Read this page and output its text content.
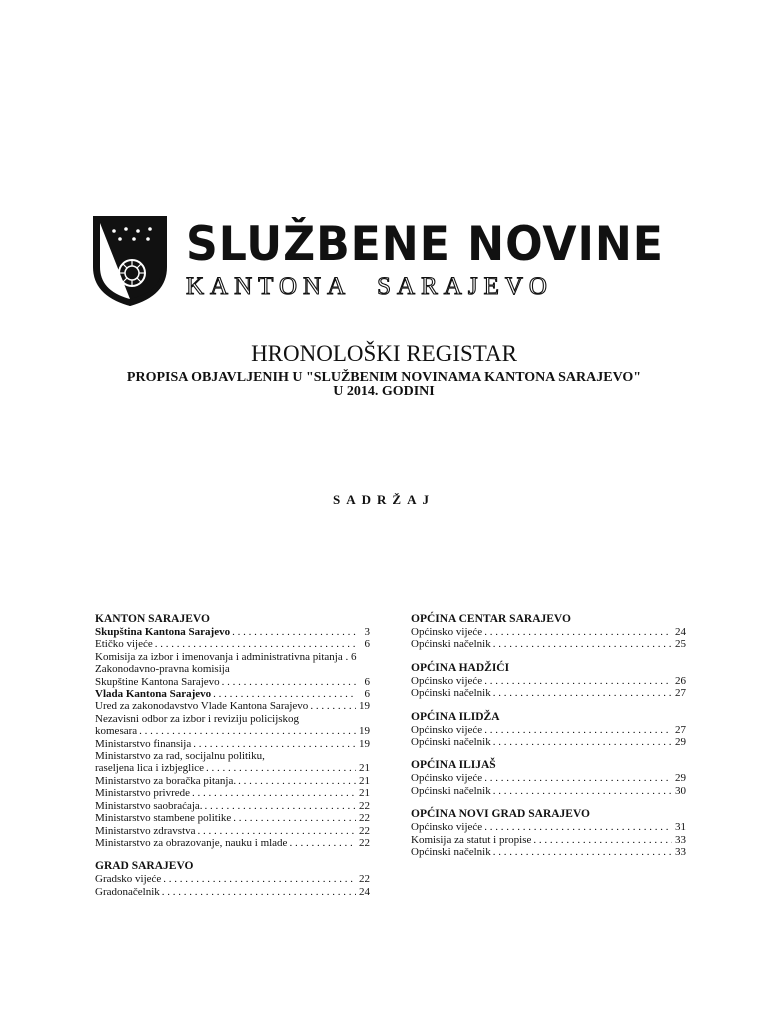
SLUŽBENE NOVINE
KANTONA SARAJEVO
HRONOLOŠKI REGISTAR
PROPISA OBJAVLJENIH U "SLUŽBENIM NOVINAMA KANTONA SARAJEVO"
U 2014. GODINI
SADRŽAJ
KANTON SARAJEVO
Skupština Kantona Sarajevo . . .	3
Etičko vijeće . . .	6
Komisija za izbor i imenovanja i administrativna pitanja . 6
Zakonodavno-pravna komisija
Skupštine Kantona Sarajevo . . .	6
Vlada Kantona Sarajevo . . .	6
Ured za zakonodavstvo Vlade Kantona Sarajevo . . .	19
Nezavisni odbor za izbor i reviziju policijskog
komesara . . .	19
Ministarstvo finansija . . .	19
Ministarstvo za rad, socijalnu politiku,
raseljena lica i izbjeglice . . .	21
Ministarstvo za boračka pitanja. . . .	21
Ministarstvo privrede . . .	21
Ministarstvo saobraćaja. . . .	22
Ministarstvo stambene politike . . .	22
Ministarstvo zdravstva . . .	22
Ministarstvo za obrazovanje, nauku i mlade . . .	22
GRAD SARAJEVO
Gradsko vijeće . . .	22
Gradonačelnik . . .	24
OPĆINA CENTAR SARAJEVO
Općinsko vijeće . . .	24
Općinski načelnik . . .	25
OPĆINA HADŽIĆI
Općinsko vijeće . . .	26
Općinski načelnik . . .	27
OPĆINA ILIDŽA
Općinsko vijeće . . .	27
Općinski načelnik . . .	29
OPĆINA ILIJAŠ
Općinsko vijeće . . .	29
Općinski načelnik . . .	30
OPĆINA NOVI GRAD SARAJEVO
Općinsko vijeće . . .	31
Komisija za statut i propise . . .	33
Općinski načelnik . . .	33
